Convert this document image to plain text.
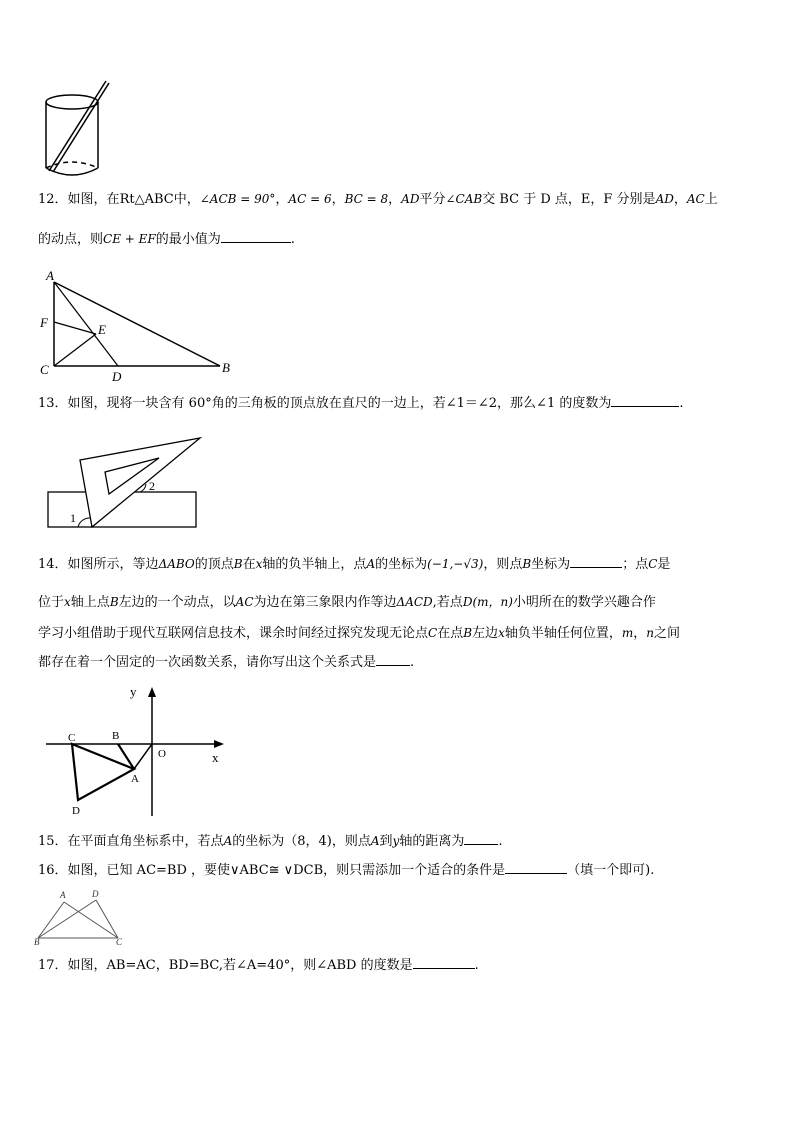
12．如图，在Rt△ABC中，∠ACB = 90°，AC = 6，BC = 8，AD平分∠CAB交 BC 于 D 点，E，F 分别是AD，AC上
的动点，则CE + EF的最小值为	.
A
F	E
C	D
B
13．如图，现将一块含有 60°角的三角板的顶点放在直尺的一边上，若∠1＝∠2，那么∠1 的度数为	.
1
2
14．如图所示，等边ΔABO的顶点B在x轴的负半轴上，点A的坐标为(−1,−√3)，则点B坐标为	；点C是
位于x轴上点B左边的一个动点，以AC为边在第三象限内作等边ΔACD,若点D(m，n)小明所在的数学兴趣合作
学习小组借助于现代互联网信息技术，课余时间经过探究发现无论点C在点B左边x轴负半轴任何位置，m，n之间
都存在着一个固定的一次函数关系，请你写出这个关系式是	.
y
x
O
C	B
A
D
15．在平面直角坐标系中，若点A的坐标为（8，4)，则点A到y轴的距离为	.
16．如图，已知 AC=BD ，要使∨ABC≅ ∨DCB，则只需添加一个适合的条件是	（填一个即可).
A	D
B	C
17．如图，AB=AC，BD=BC,若∠A=40°，则∠ABD 的度数是	.
